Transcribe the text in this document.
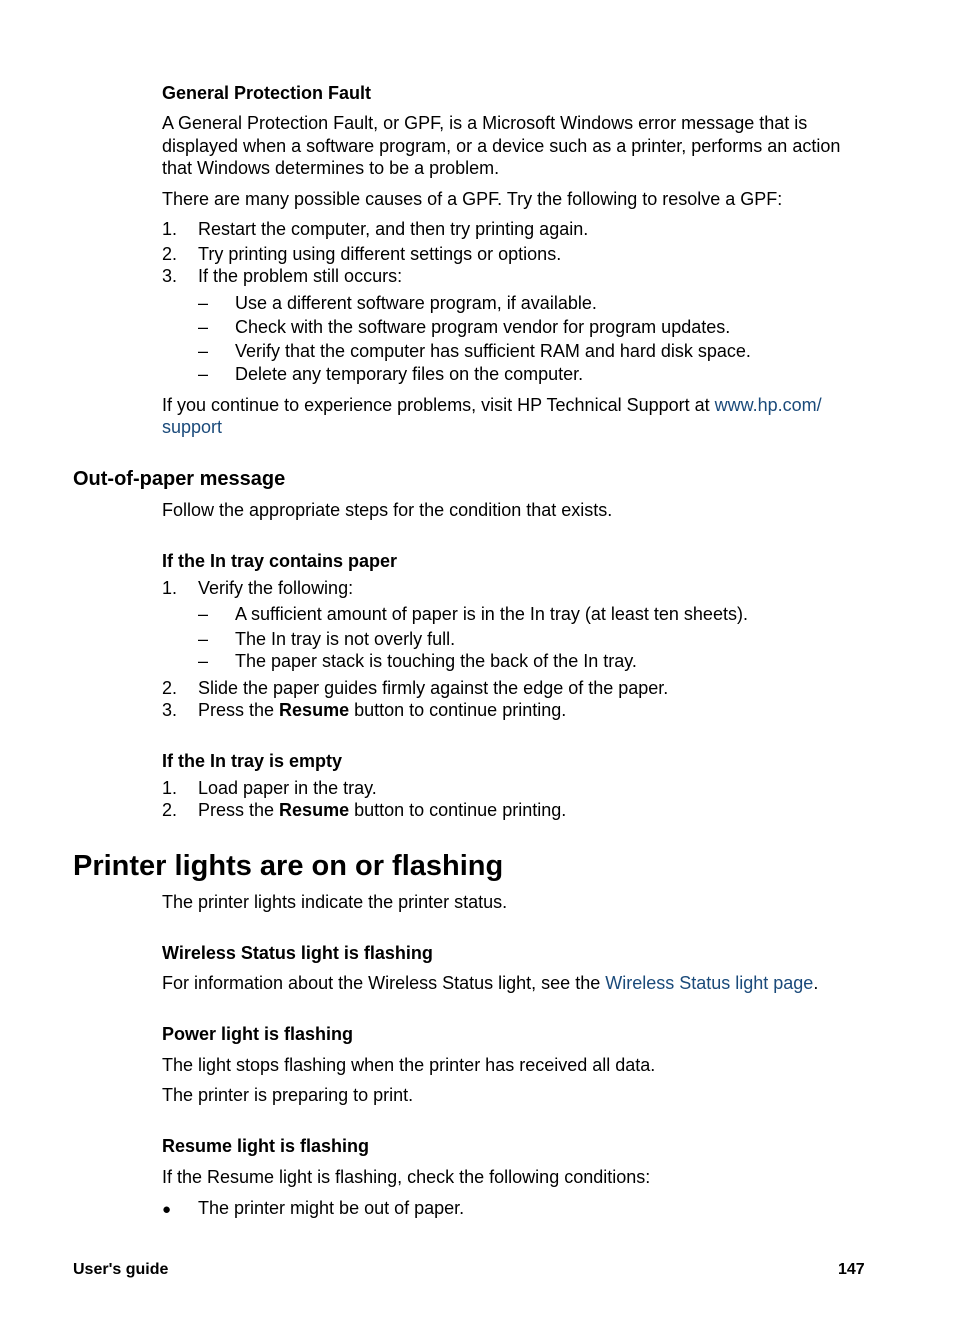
General Protection Fault
A General Protection Fault, or GPF, is a Microsoft Windows error message that is
displayed when a software program, or a device such as a printer, performs an action
that Windows determines to be a problem.
There are many possible causes of a GPF. Try the following to resolve a GPF:
1. Restart the computer, and then try printing again.
2. Try printing using different settings or options.
3. If the problem still occurs:
– Use a different software program, if available.
– Check with the software program vendor for program updates.
– Verify that the computer has sufficient RAM and hard disk space.
– Delete any temporary files on the computer.
If you continue to experience problems, visit HP Technical Support at www.hp.com/
support
Out-of-paper message
Follow the appropriate steps for the condition that exists.
If the In tray contains paper
1. Verify the following:
– A sufficient amount of paper is in the In tray (at least ten sheets).
– The In tray is not overly full.
– The paper stack is touching the back of the In tray.
2. Slide the paper guides firmly against the edge of the paper.
3. Press the Resume button to continue printing.
If the In tray is empty
1. Load paper in the tray.
2. Press the Resume button to continue printing.
Printer lights are on or flashing
The printer lights indicate the printer status.
Wireless Status light is flashing
For information about the Wireless Status light, see the Wireless Status light page.
Power light is flashing
The light stops flashing when the printer has received all data.
The printer is preparing to print.
Resume light is flashing
If the Resume light is flashing, check the following conditions:
● The printer might be out of paper.
User's guide	147
